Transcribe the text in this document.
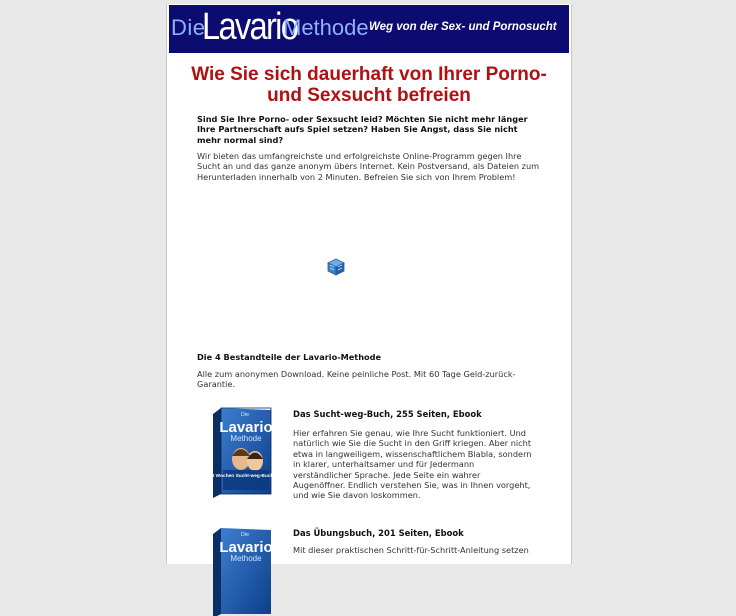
Die
Lavario
Methode Weg von der Sex- und Pornosucht
Wie Sie sich dauerhaft von Ihrer Porno- und Sexsucht befreien
Sind Sie Ihre Porno- oder Sexsucht leid? Möchten Sie nicht mehr länger Ihre Partnerschaft aufs Spiel setzen? Haben Sie Angst, dass Sie nicht mehr normal sind?
Wir bieten das umfangreichste und erfolgreichste Online-Programm gegen Ihre Sucht an und das ganze anonym übers Internet. Kein Postversand, als Dateien zum Herunterladen innerhalb von 2 Minuten. Befreien Sie sich von Ihrem Problem!
Die 4 Bestandteile der Lavario-Methode
Alle zum anonymen Download. Keine peinliche Post. Mit 60 Tage Geld-zurück-Garantie.
Die
Lavario
Methode
Frei in 8 Wochen Sucht-weg-Buch Sexsucht
Das Sucht-weg-Buch, 255 Seiten, Ebook
Hier erfahren Sie genau, wie Ihre Sucht funktioniert. Und natürlich wie Sie die Sucht in den Griff kriegen. Aber nicht etwa in langweiligem, wissenschaftlichem Blabla, sondern in klarer, unterhaltsamer und für Jedermann verständlicher Sprache. Jede Seite ein wahrer Augenöffner. Endlich verstehen Sie, was in Ihnen vorgeht, und wie Sie davon loskommen.
Die
Lavario
Methode
Das Übungsbuch, 201 Seiten, Ebook
Mit dieser praktischen Schritt-für-Schritt-Anleitung setzen
